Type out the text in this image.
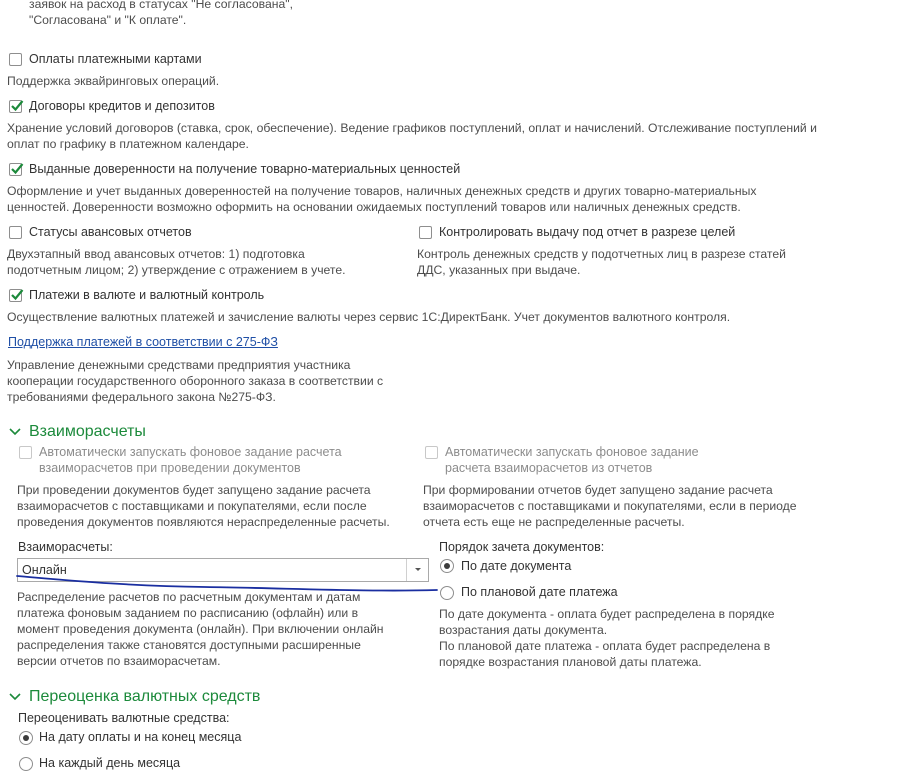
заявок на расход в статусах "Не согласована",
"Согласована" и "К оплате".
Оплаты платежными картами
Поддержка эквайринговых операций.
Договоры кредитов и депозитов
Хранение условий договоров (ставка, срок, обеспечение). Ведение графиков поступлений, оплат и начислений. Отслеживание поступлений и
оплат по графику в платежном календаре.
Выданные доверенности на получение товарно-материальных ценностей
Оформление и учет выданных доверенностей на получение товаров, наличных денежных средств и других товарно-материальных
ценностей. Доверенности возможно оформить на основании ожидаемых поступлений товаров или наличных денежных средств.
Статусы авансовых отчетов
Двухэтапный ввод авансовых отчетов: 1) подготовка
подотчетным лицом; 2) утверждение с отражением в учете.
Контролировать выдачу под отчет в разрезе целей
Контроль денежных средств у подотчетных лиц в разрезе статей
ДДС, указанных при выдаче.
Платежи в валюте и валютный контроль
Осуществление валютных платежей и зачисление валюты через сервис 1С:ДиректБанк. Учет документов валютного контроля.
Поддержка платежей в соответствии с 275-ФЗ
Управление денежными средствами предприятия участника
кооперации государственного оборонного заказа в соответствии с
требованиями федерального закона №275-ФЗ.
Взаиморасчеты
Автоматически запускать фоновое задание расчета
взаиморасчетов при проведении документов
При проведении документов будет запущено задание расчета
взаиморасчетов с поставщиками и покупателями, если после
проведения документов появляются нераспределенные расчеты.
Автоматически запускать фоновое задание
расчета взаиморасчетов из отчетов
При формировании отчетов будет запущено задание расчета
взаиморасчетов с поставщиками и покупателями, если в периоде
отчета есть еще не распределенные расчеты.
Взаиморасчеты:
Онлайн
Распределение расчетов по расчетным документам и датам
платежа фоновым заданием по расписанию (офлайн) или в
момент проведения документа (онлайн). При включении онлайн
распределения также становятся доступными расширенные
версии отчетов по взаиморасчетам.
Порядок зачета документов:
По дате документа
По плановой дате платежа
По дате документа - оплата будет распределена в порядке
возрастания даты документа.
По плановой дате платежа - оплата будет распределена в
порядке возрастания плановой даты платежа.
Переоценка валютных средств
Переоценивать валютные средства:
На дату оплаты и на конец месяца
На каждый день месяца
